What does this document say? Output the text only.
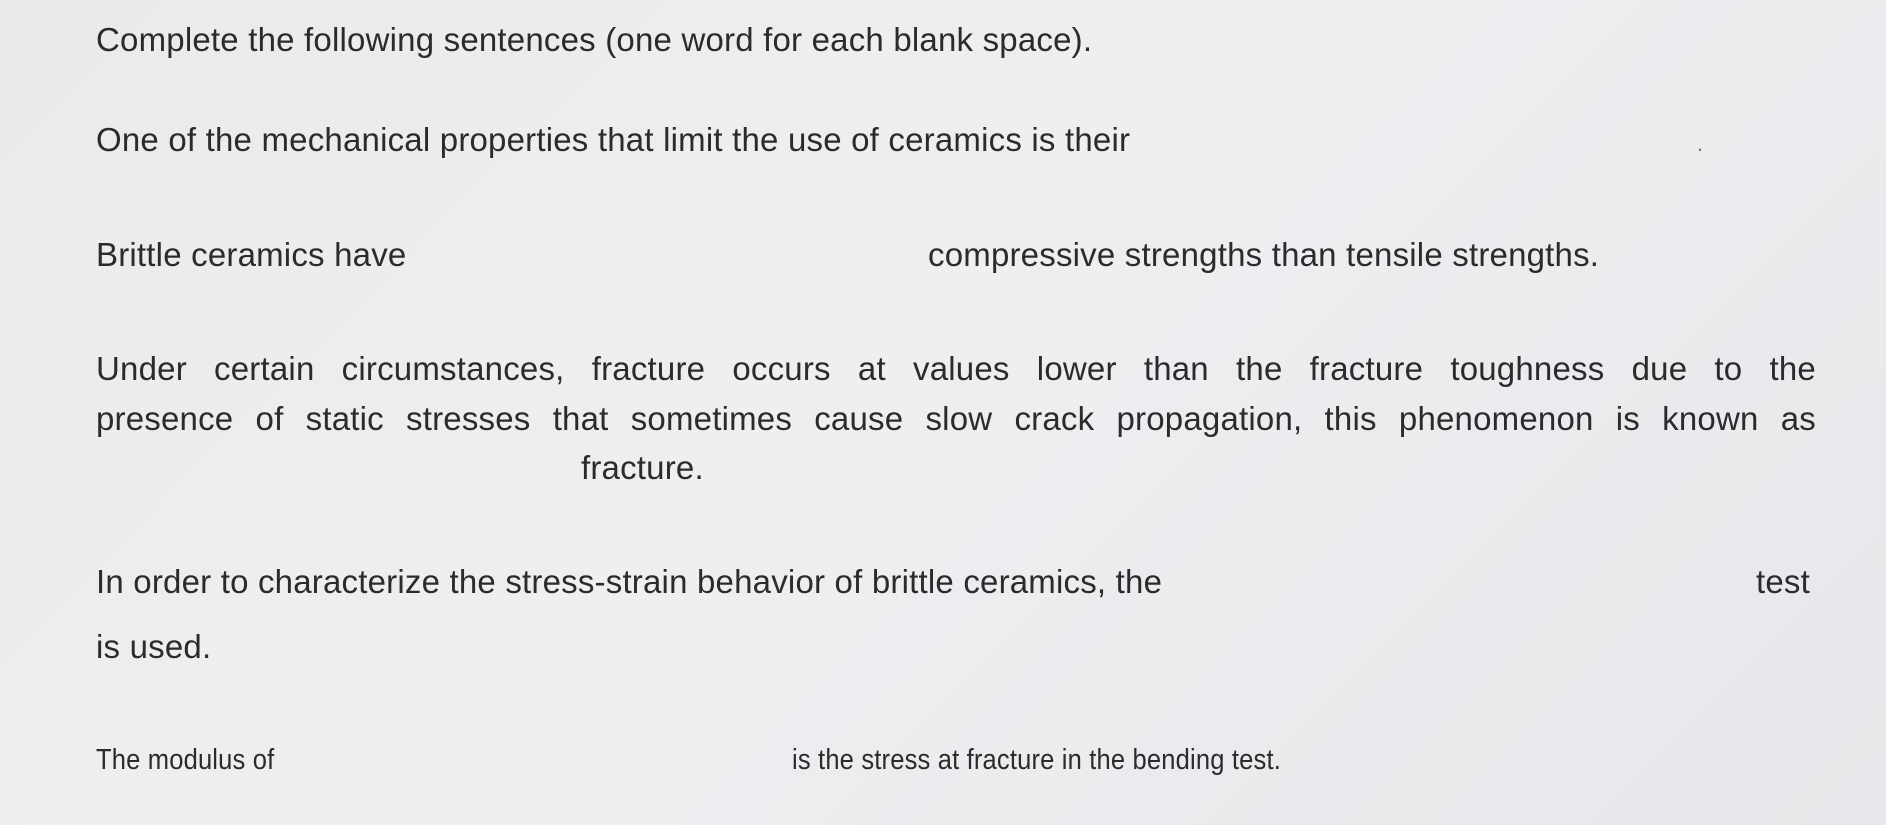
Complete the following sentences (one word for each blank space).
One of the mechanical properties that limit the use of ceramics is their	.
Brittle ceramics have	compressive strengths than tensile strengths.
Under certain circumstances, fracture occurs at values lower than the fracture toughness due to the
presence of static stresses that sometimes cause slow crack propagation, this phenomenon is known as
fracture.
In order to characterize the stress-strain behavior of brittle ceramics, the	test
is used.
The modulus of	is the stress at fracture in the bending test.
